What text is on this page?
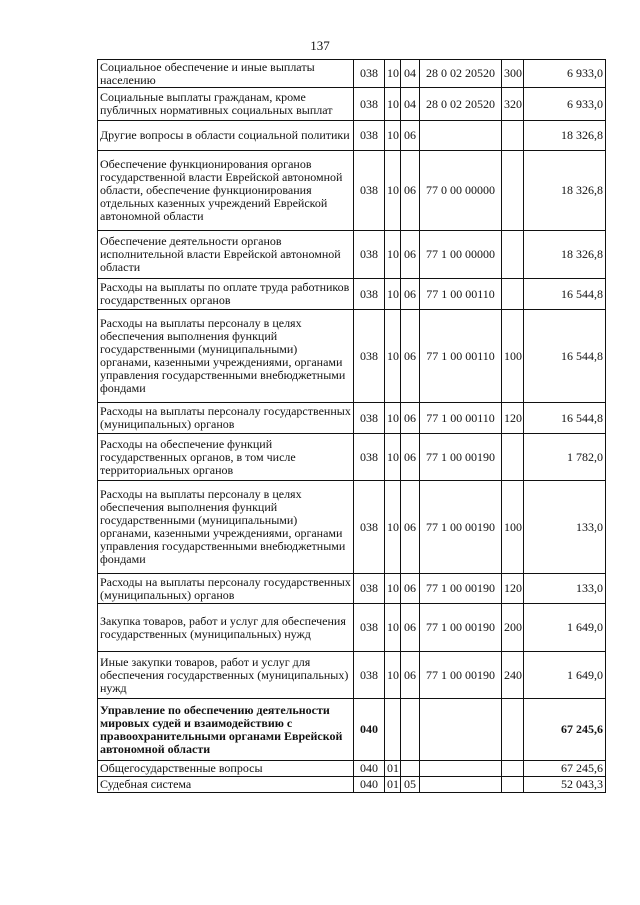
137
Социальное обеспечение и иные выплаты населению	038	10	04	28 0 02 20520	300	6 933,0
Социальные выплаты гражданам, кроме публичных нормативных социальных выплат	038	10	04	28 0 02 20520	320	6 933,0
Другие вопросы в области социальной политики	038	10	06			18 326,8
Обеспечение функционирования органов государственной власти Еврейской автономной области, обеспечение функционирования отдельных казенных учреждений Еврейской автономной области	038	10	06	77 0 00 00000		18 326,8
Обеспечение деятельности органов исполнительной власти Еврейской автономной области	038	10	06	77 1 00 00000		18 326,8
Расходы на выплаты по оплате труда работников государственных органов	038	10	06	77 1 00 00110		16 544,8
Расходы на выплаты персоналу в целях обеспечения выполнения функций государственными (муниципальными) органами, казенными учреждениями, органами управления государственными внебюджетными фондами	038	10	06	77 1 00 00110	100	16 544,8
Расходы на выплаты персоналу государственных (муниципальных) органов	038	10	06	77 1 00 00110	120	16 544,8
Расходы на обеспечение функций государственных органов, в том числе территориальных органов	038	10	06	77 1 00 00190		1 782,0
Расходы на выплаты персоналу в целях обеспечения выполнения функций государственными (муниципальными) органами, казенными учреждениями, органами управления государственными внебюджетными фондами	038	10	06	77 1 00 00190	100	133,0
Расходы на выплаты персоналу государственных (муниципальных) органов	038	10	06	77 1 00 00190	120	133,0
Закупка товаров, работ и услуг для обеспечения государственных (муниципальных) нужд	038	10	06	77 1 00 00190	200	1 649,0
Иные закупки товаров, работ и услуг для обеспечения государственных (муниципальных) нужд	038	10	06	77 1 00 00190	240	1 649,0
Управление по обеспечению деятельности мировых судей и взаимодействию с правоохранительными органами Еврейской автономной области	040					67 245,6
Общегосударственные вопросы	040	01				67 245,6
Судебная система	040	01	05			52 043,3
